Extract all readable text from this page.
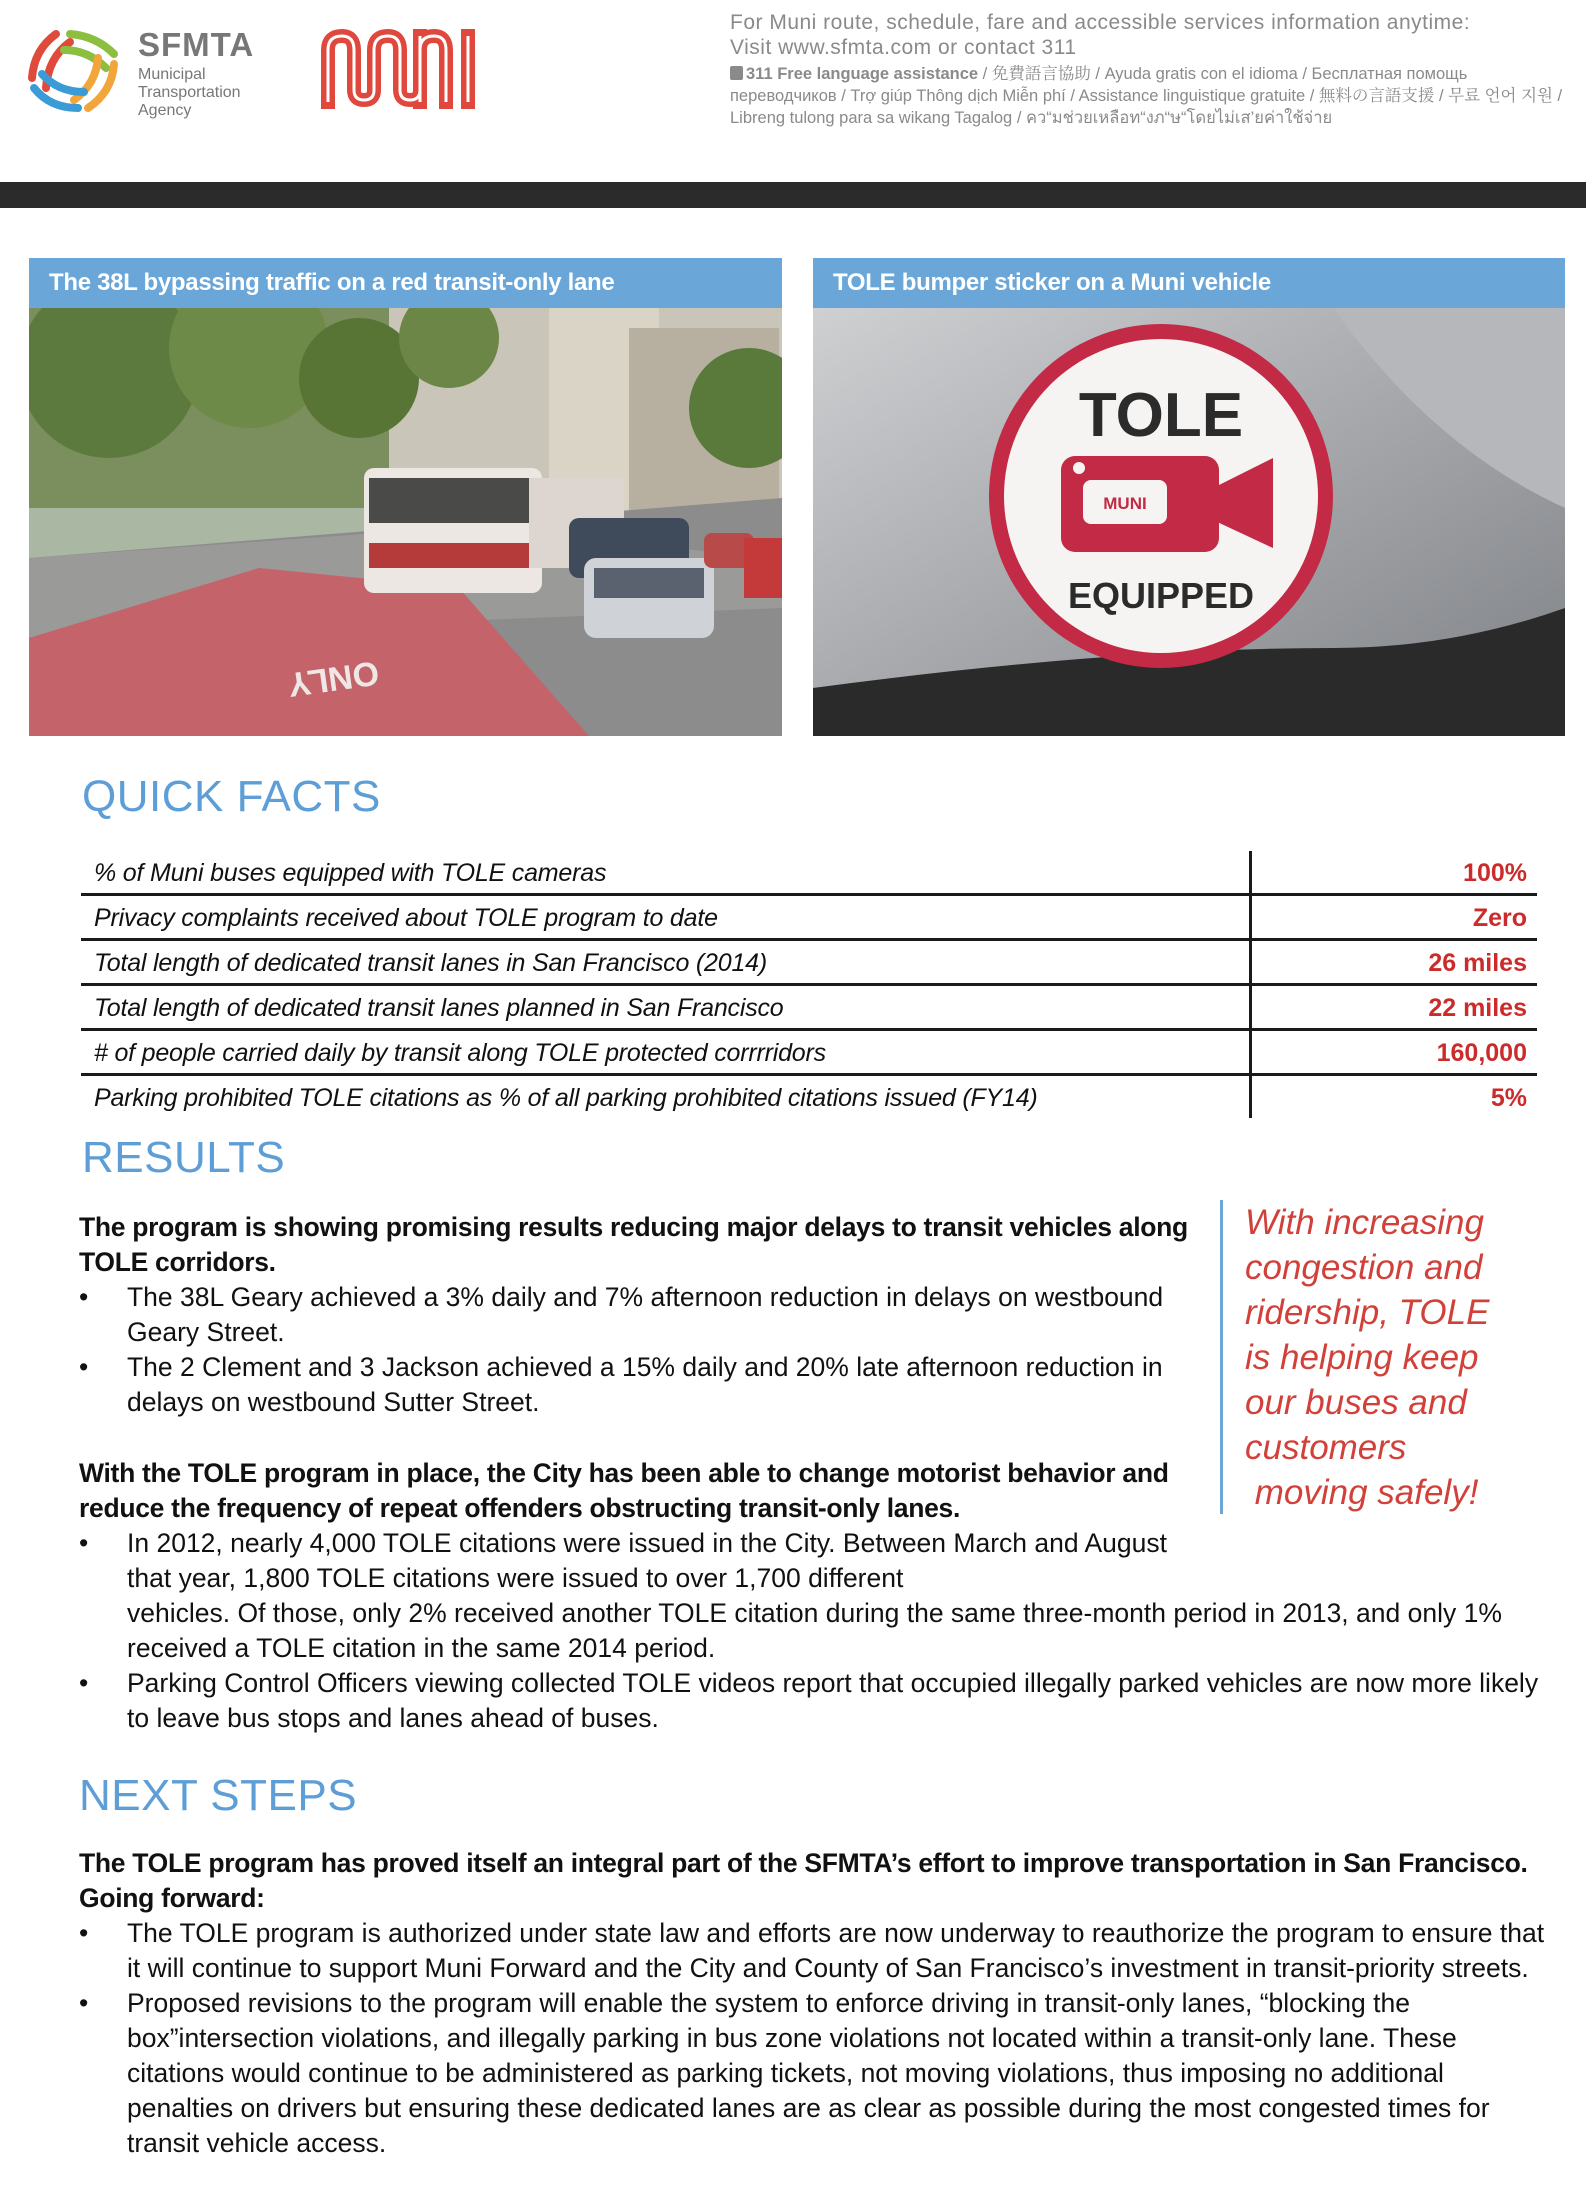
SFMTA
Municipal Transportation Agency
For Muni route, schedule, fare and accessible services information anytime:
Visit www.sfmta.com or contact 311
311 Free language assistance / 免費語言協助 / Ayuda gratis con el idioma / Бесплатная помощь переводчиков / Trợ giúp Thông dịch Miễn phí / Assistance linguistique gratuite / 無料の言語支援 / 무료 언어 지원 / Libreng tulong para sa wikang Tagalog / คว“มช่วยเหลือท“งภ“ษ“โดยไม่เส’ยค่าใช้จ่าย
The 38L bypassing traffic on a red transit-only lane
ONLY
TOLE bumper sticker on a Muni vehicle
TOLE
MUNI
EQUIPPED
QUICK FACTS
% of Muni buses equipped with TOLE cameras	100%
Privacy complaints received about TOLE program to date	Zero
Total length of dedicated transit lanes in San Francisco (2014)	26 miles
Total length of dedicated transit lanes planned in San Francisco	22 miles
# of people carried daily by transit along TOLE protected corrrridors	160,000
Parking prohibited TOLE citations as % of all parking prohibited citations issued (FY14)	5%
RESULTS

The program is showing promising results reducing major delays to transit vehicles along TOLE corridors.

• The 38L Geary achieved a 3% daily and 7% afternoon reduction in delays on westbound Geary Street.
• The 2 Clement and 3 Jackson achieved a 15% daily and 20% late afternoon reduction in delays on westbound Sutter Street.

With the TOLE program in place, the City has been able to change motorist behavior and reduce the frequency of repeat offenders obstructing transit-only lanes.

• In 2012, nearly 4,000 TOLE citations were issued in the City. Between March and August that year, 1,800 TOLE citations were issued to over 1,700 different
vehicles. Of those, only 2% received another TOLE citation during the same three-month period in 2013, and only 1% received a TOLE citation in the same 2014 period.
• Parking Control Officers viewing collected TOLE videos report that occupied illegally parked vehicles are now more likely to leave bus stops and lanes ahead of buses.
With increasing
congestion and
ridership, TOLE
is helping keep
our buses and
customers
moving safely!
NEXT STEPS

The TOLE program has proved itself an integral part of the SFMTA’s effort to improve transportation in San Francisco. Going forward:

• The TOLE program is authorized under state law and efforts are now underway to reauthorize the program to ensure that it will continue to support Muni Forward and the City and County of San Francisco’s investment in transit-priority streets.
• Proposed revisions to the program will enable the system to enforce driving in transit-only lanes, “blocking the box”intersection violations, and illegally parking in bus zone violations not located within a transit-only lane. These citations would continue to be administered as parking tickets, not moving violations, thus imposing no additional penalties on drivers but ensuring these dedicated lanes are as clear as possible during the most congested times for transit vehicle access.
